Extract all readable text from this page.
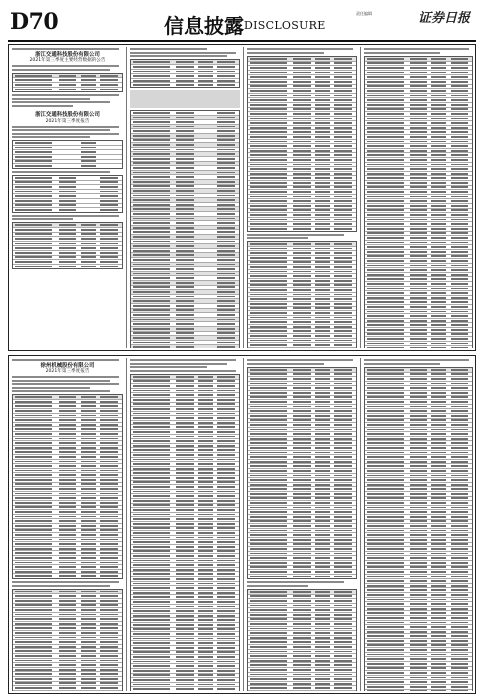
D70	信息披露 DISCLOSURE
责任编辑	证券日报
浙江交通科技股份有限公司
2021年第三季度主要经营数据的公告
浙江交通科技股份有限公司
2021年第三季度报告
徐州机械股份有限公司
2021年第三季度报告
